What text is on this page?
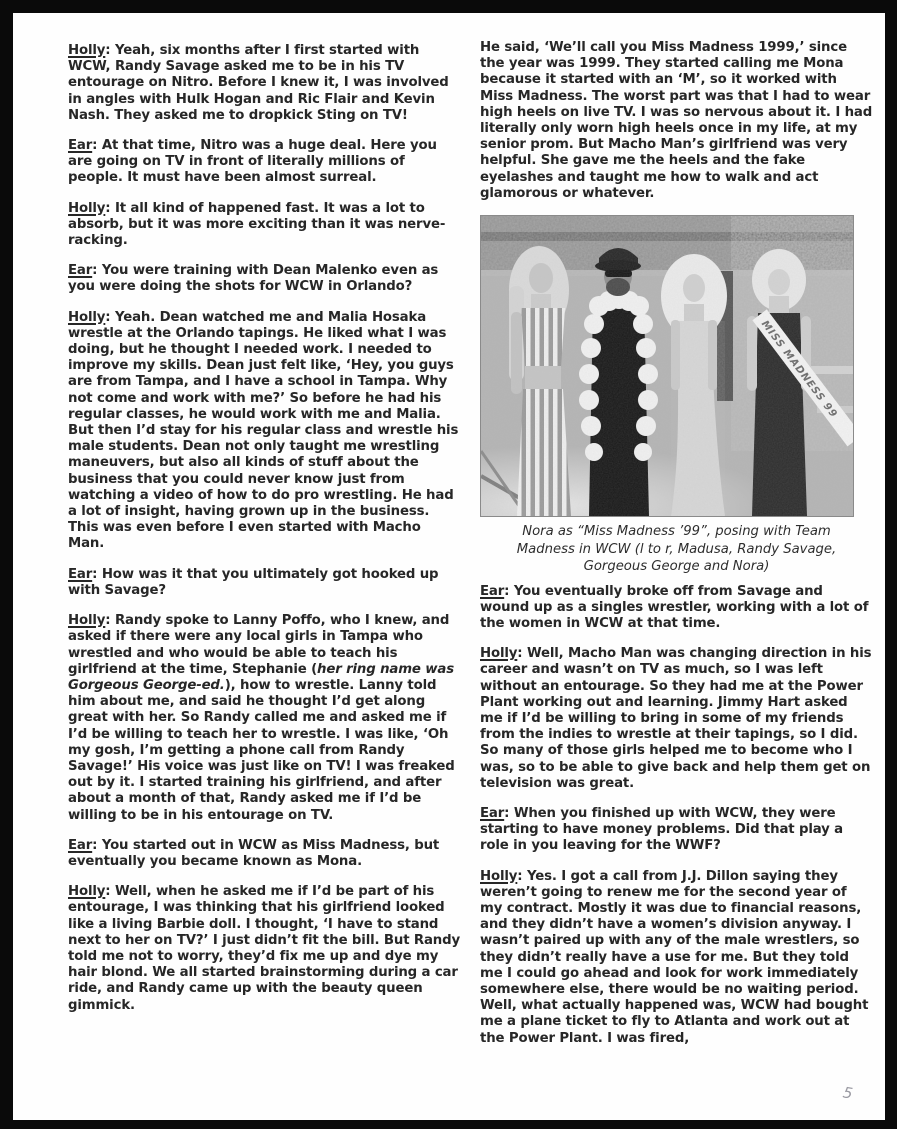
Holly: Yeah, six months after I first started with WCW, Randy Savage asked me to be in his TV entourage on Nitro. Before I knew it, I was involved in angles with Hulk Hogan and Ric Flair and Kevin Nash. They asked me to dropkick Sting on TV!

Ear: At that time, Nitro was a huge deal. Here you are going on TV in front of literally millions of people. It must have been almost surreal.

Holly: It all kind of happened fast. It was a lot to absorb, but it was more exciting than it was nerve-racking.

Ear: You were training with Dean Malenko even as you were doing the shots for WCW in Orlando?

Holly: Yeah. Dean watched me and Malia Hosaka wrestle at the Orlando tapings. He liked what I was doing, but he thought I needed work. I needed to improve my skills. Dean just felt like, ‘Hey, you guys are from Tampa, and I have a school in Tampa. Why not come and work with me?’ So before he had his regular classes, he would work with me and Malia. But then I’d stay for his regular class and wrestle his male students. Dean not only taught me wrestling maneuvers, but also all kinds of stuff about the business that you could never know just from watching a video of how to do pro wrestling. He had a lot of insight, having grown up in the business. This was even before I even started with Macho Man.

Ear: How was it that you ultimately got hooked up with Savage?

Holly: Randy spoke to Lanny Poffo, who I knew, and asked if there were any local girls in Tampa who wrestled and who would be able to teach his girlfriend at the time, Stephanie (her ring name was Gorgeous George-ed.), how to wrestle. Lanny told him about me, and said he thought I’d get along great with her. So Randy called me and asked me if I’d be willing to teach her to wrestle. I was like, ‘Oh my gosh, I’m getting a phone call from Randy Savage!’ His voice was just like on TV! I was freaked out by it. I started training his girlfriend, and after about a month of that, Randy asked me if I’d be willing to be in his entourage on TV.

Ear: You started out in WCW as Miss Madness, but eventually you became known as Mona.

Holly: Well, when he asked me if I’d be part of his entourage, I was thinking that his girlfriend looked like a living Barbie doll. I thought, ‘I have to stand next to her on TV?’ I just didn’t fit the bill. But Randy told me not to worry, they’d fix me up and dye my hair blond. We all started brainstorming during a car ride, and Randy came up with the beauty queen gimmick.

He said, ‘We’ll call you Miss Madness 1999,’ since the year was 1999. They started calling me Mona because it started with an ‘M’, so it worked with Miss Madness. The worst part was that I had to wear high heels on live TV. I was so nervous about it. I had literally only worn high heels once in my life, at my senior prom. But Macho Man’s girlfriend was very helpful. She gave me the heels and the fake eyelashes and taught me how to walk and act glamorous or whatever.

Nora as “Miss Madness ’99”, posing with Team Madness in WCW (l to r, Madusa, Randy Savage, Gorgeous George and Nora)

Ear: You eventually broke off from Savage and wound up as a singles wrestler, working with a lot of the women in WCW at that time.

Holly: Well, Macho Man was changing direction in his career and wasn’t on TV as much, so I was left without an entourage. So they had me at the Power Plant working out and learning. Jimmy Hart asked me if I’d be willing to bring in some of my friends from the indies to wrestle at their tapings, so I did. So many of those girls helped me to become who I was, so to be able to give back and help them get on television was great.

Ear: When you finished up with WCW, they were starting to have money problems. Did that play a role in you leaving for the WWF?

Holly: Yes. I got a call from J.J. Dillon saying they weren’t going to renew me for the second year of my contract. Mostly it was due to financial reasons, and they didn’t have a women’s division anyway. I wasn’t paired up with any of the male wrestlers, so they didn’t really have a use for me. But they told me I could go ahead and look for work immediately somewhere else, there would be no waiting period. Well, what actually happened was, WCW had bought me a plane ticket to fly to Atlanta and work out at the Power Plant. I was fired,

5
